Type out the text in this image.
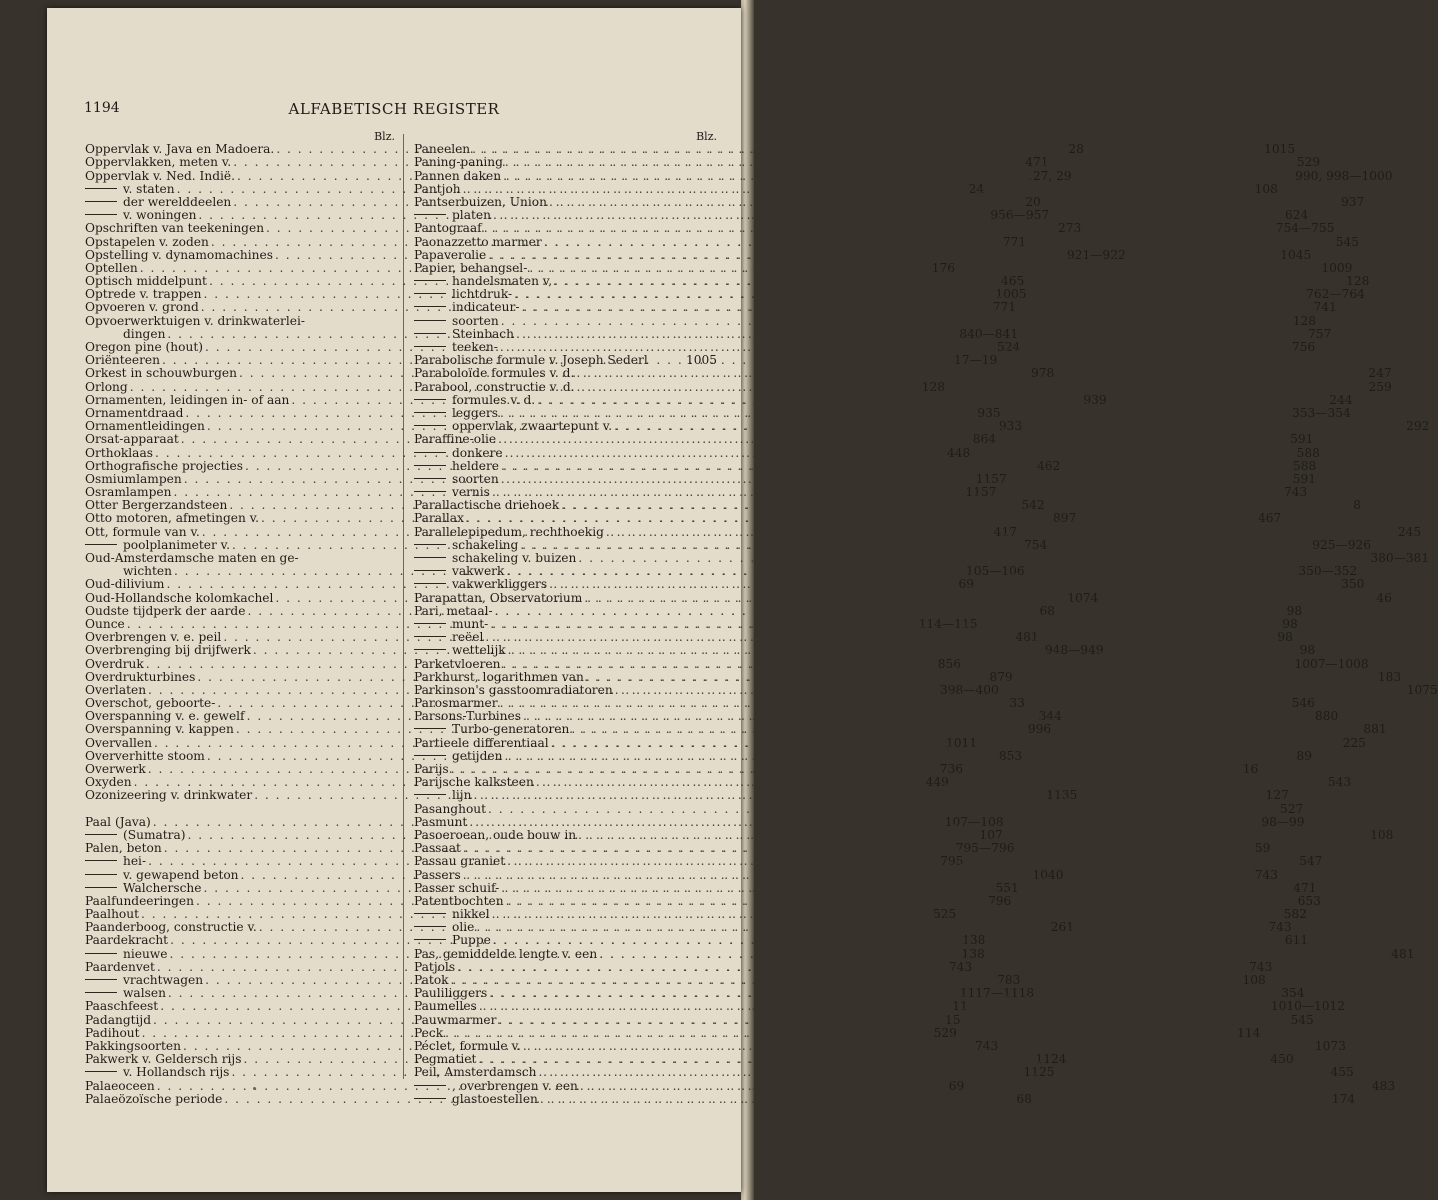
ALFABETISCH REGISTER
1194
Blz.
Oppervlak v. Java en Madoera. . . .	28
Oppervlakken, meten v. . . .	471
Oppervlak v. Ned. Indië. . . .	.27, 29
v. staten . . .	24
der werelddeelen . . .	20
v. woningen . . .	956—957
Opschriften van teekeningen . . .	273
Opstapelen v. zoden . . .	771
Opstelling v. dynamomachines . . .	921—922
Optellen . . .	176
Optisch middelpunt . . .	465
Optrede v. trappen . . .	1005
Opvoeren v. grond . . .	771
Opvoerwerktuigen v. drinkwaterlei-
dingen . . .	840—841
Oregon pine (hout) . . .	524
Oriënteeren . . .	17—19
Orkest in schouwburgen . . .	978
Orlong . . .	128
Ornamenten, leidingen in- of aan . . .	939
Ornamentdraad . . .	935
Ornamentleidingen . . .	933
Orsat-apparaat . . .	864
Orthoklaas . . .	448
Orthografische projecties . . .	462
Osmiumlampen . . .	1157
Osramlampen . . .	1157
Otter Bergerzandsteen . . .	542
Otto motoren, afmetingen v. . . .	897
Ott, formule van v. . . .	417
poolplanimeter v. . . .	754
Oud-Amsterdamsche maten en ge-
wichten . . .	105—106
Oud-dilivium . . .	69
Oud-Hollandsche kolomkachel . . .	1074
Oudste tijdperk der aarde . . .	68
Ounce . . .	114—115
Overbrengen v. e. peil . . .	481
Overbrenging bij drijfwerk . . .	948—949
Overdruk . . .	856
Overdrukturbines . . .	879
Overlaten . . .	398—400
Overschot, geboorte- . . .	33
Overspanning v. e. gewelf . . .	344
Overspanning v. kappen . . .	996
Overvallen . . .	1011
Oververhitte stoom . . .	853
Overwerk . . .	736
Oxyden . . .	449
Ozonizeering v. drinkwater . . .	1135
Paal (Java) . . .	107—108
(Sumatra) . . .	107
Palen, beton . . .	795—796
hei- . . .	795
v. gewapend beton . . .	1040
Walchersche . . .	551
Paalfundeeringen . . .	796
Paalhout . . .	525
Paanderboog, constructie v. . . .	261
Paardekracht . . .	138
nieuwe . . .	138
Paardenvet . . .	743
vrachtwagen . . .	783
walsen . . .	1117—1118
Paaschfeest . . .	11
Padangtijd . . .	15
Padihout . . .	529
Pakkingsoorten . . .	743
Pakwerk v. Geldersch rijs . . .	1124
v. Hollandsch rijs . . .	1125
Palaeoceen . . .	69
Palaeözoïsche periode . . .	68
Blz.
Paneelen . . .	1015
Paning-paning . . .	529
Pannen daken . . .	990, 998—1000
Pantjoh . . .	108
Pantserbuizen, Union . . .	937
platen . . .	624
Pantograaf . . .	754—755
Paonazzetto marmer . . .	545
Papaverolie . . .	1045
Papier, behangsel- . . .	1009
handelsmaten v, . . .	128
lichtdruk- . . .	762—764
indicateur- . . .	741
soorten . . .	128
Steinbach . . .	757
teeken- . . .	756
Parabolische formule v. Joseph Sederl	1005
Paraboloïde formules v. d. . . .	247
Parabool, constructie v. d. . . .	259
formules v. d. . . .	244
leggers . . .	353—354
oppervlak, zwaartepunt v. . . .	292
Paraffine-olie . . .	591
donkere . . .	588
heldere . . .	588
soorten . . .	591
vernis . . .	743
Parallactische driehoek . . .	8
Parallax . . .	467
Parallelepipedum, rechthoekig . . .	245
schakeling . . .	925—926
schakeling v. buizen . . .	380—381
vakwerk . . .	350—352
vakwerkliggers . . .	350
Parapattan, Observatorium . . .	46
Pari, metaal- . . .	98
munt- . . .	98
reëel . . .	98
wettelijk . . .	98
Parketvloeren . . .	1007—1008
Parkhurst, logarithmen van . . .	183
Parkinson's gasstoomradiatoren . . .	1075
Parosmarmer . . .	546
Parsons-Turbines . . .	880
Turbo-generatoren . . .	881
Partieele differentiaal . . .	225
getijden . . .	89
Parijs . . .	16
Parijsche kalksteen . . .	543
lijn . . .	127
Pasanghout . . .	527
Pasmunt . . .	98—99
Pasoeroean, oude bouw in . . .	108
Passaat . . .	59
Passau graniet . . .	547
Passers . . .	743
Passer schuif- . . .	471
Patentbochten . . .	653
nikkel . . .	582
olie . . .	743
Puppe . . .	611
Pas, gemiddelde lengte v. een . . .	481
Patjols . . .	743
Patok . . .	108
Pauliliggers . . .	354
Paumelles . . .	1010—1012
Pauwmarmer . . .	545
Peck . . .	114
Péclet, formule v. . . .	1073
Pegmatiet . . .	450
Peil, Amsterdamsch . . .	455
, overbrengen v. een . . .	483
glastoestellen . . .	174
